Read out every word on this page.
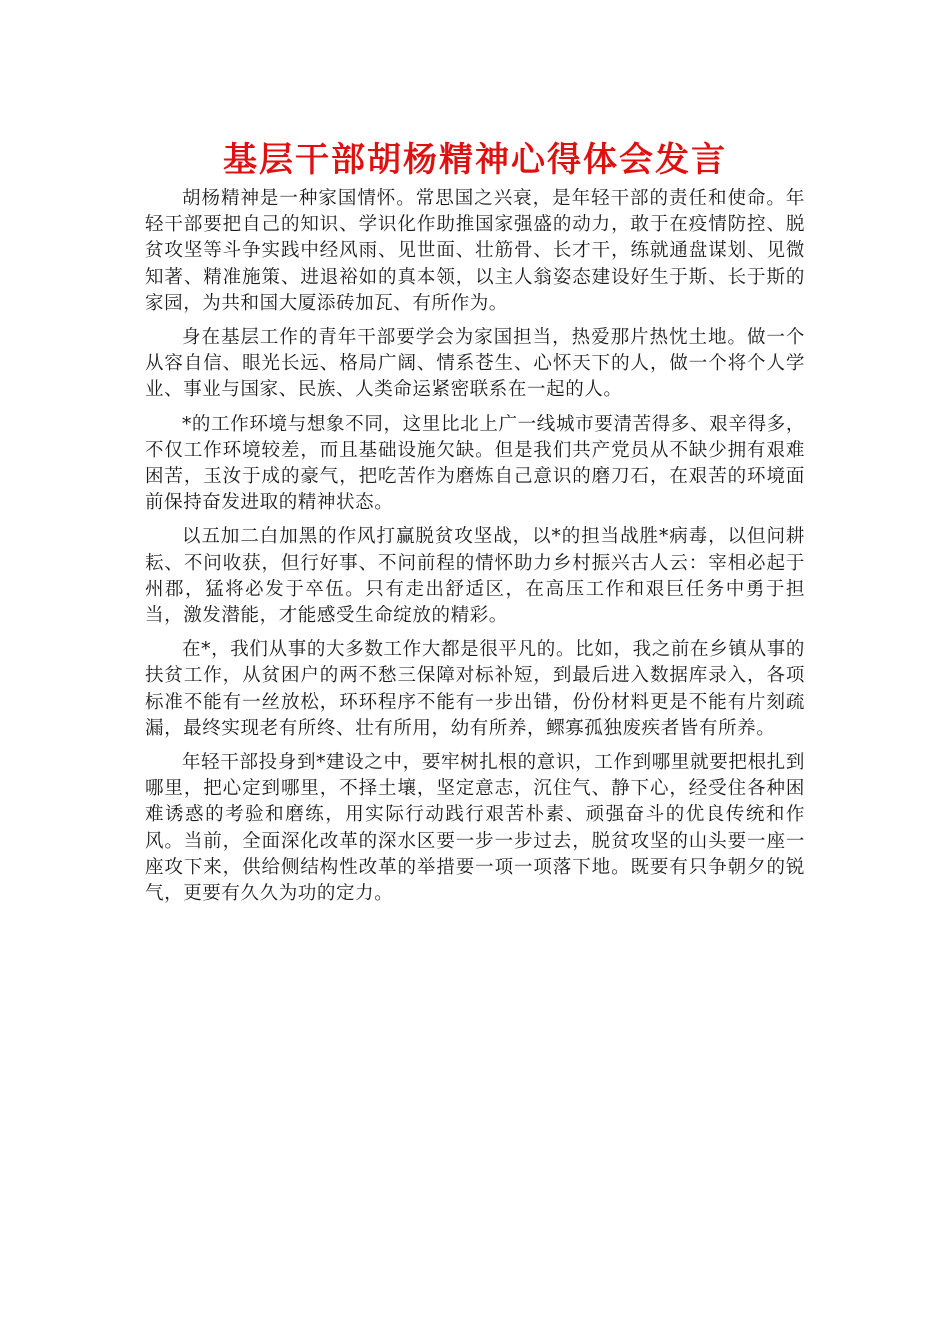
基层干部胡杨精神心得体会发言

胡杨精神是一种家国情怀。常思国之兴衰，是年轻干部的责任和使命。年轻干部要把自己的知识、学识化作助推国家强盛的动力，敢于在疫情防控、脱贫攻坚等斗争实践中经风雨、见世面、壮筋骨、长才干，练就通盘谋划、见微知著、精准施策、进退裕如的真本领，以主人翁姿态建设好生于斯、长于斯的家园，为共和国大厦添砖加瓦、有所作为。

身在基层工作的青年干部要学会为家国担当，热爱那片热忱土地。做一个从容自信、眼光长远、格局广阔、情系苍生、心怀天下的人，做一个将个人学业、事业与国家、民族、人类命运紧密联系在一起的人。

*的工作环境与想象不同，这里比北上广一线城市要清苦得多、艰辛得多，不仅工作环境较差，而且基础设施欠缺。但是我们共产党员从不缺少拥有艰难困苦，玉汝于成的豪气，把吃苦作为磨炼自己意识的磨刀石，在艰苦的环境面前保持奋发进取的精神状态。

以五加二白加黑的作风打赢脱贫攻坚战，以*的担当战胜*病毒，以但问耕耘、不问收获，但行好事、不问前程的情怀助力乡村振兴古人云：宰相必起于州郡，猛将必发于卒伍。只有走出舒适区，在高压工作和艰巨任务中勇于担当，激发潜能，才能感受生命绽放的精彩。

在*，我们从事的大多数工作大都是很平凡的。比如，我之前在乡镇从事的扶贫工作，从贫困户的两不愁三保障对标补短，到最后进入数据库录入，各项标准不能有一丝放松，环环程序不能有一步出错，份份材料更是不能有片刻疏漏，最终实现老有所终、壮有所用，幼有所养，鳏寡孤独废疾者皆有所养。

年轻干部投身到*建设之中，要牢树扎根的意识，工作到哪里就要把根扎到哪里，把心定到哪里，不择土壤，坚定意志，沉住气、静下心，经受住各种困难诱惑的考验和磨练，用实际行动践行艰苦朴素、顽强奋斗的优良传统和作风。当前，全面深化改革的深水区要一步一步过去，脱贫攻坚的山头要一座一座攻下来，供给侧结构性改革的举措要一项一项落下地。既要有只争朝夕的锐气，更要有久久为功的定力。
